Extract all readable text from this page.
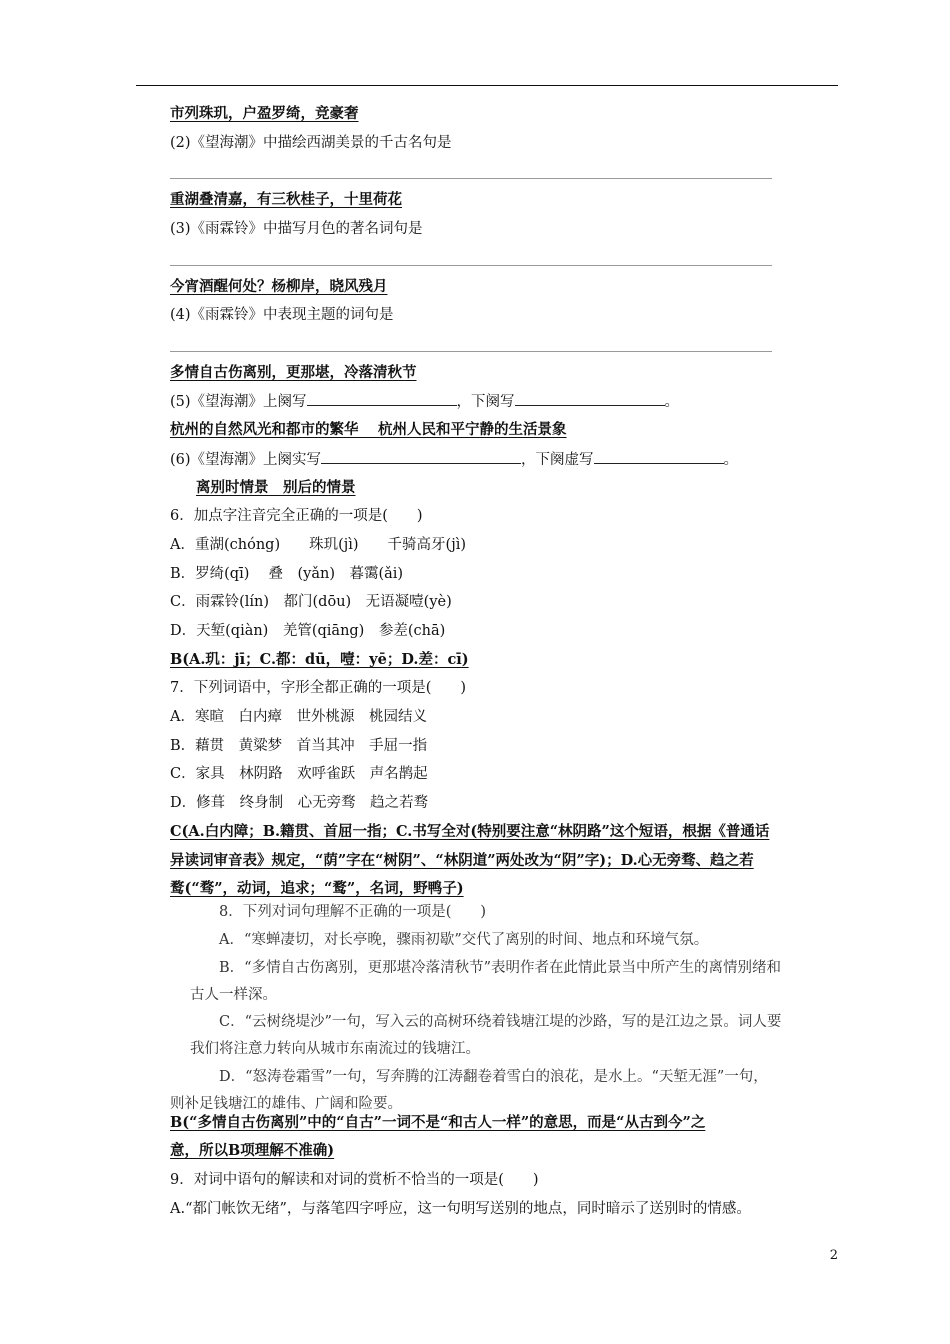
市列珠玑，户盈罗绮，竞豪奢
(2)《望海潮》中描绘西湖美景的千古名句是
重湖叠清嘉，有三秋桂子，十里荷花
(3)《雨霖铃》中描写月色的著名词句是
今宵酒醒何处？杨柳岸，晓风残月
(4)《雨霖铃》中表现主题的词句是
多情自古伤离别，更那堪，冷落清秋节
(5)《望海潮》上阕写	，下阕写	。
杭州的自然风光和都市的繁华　 杭州人民和平宁静的生活景象
(6)《望海潮》上阕实写	，下阕虚写	。
离别时情景　别后的情景
6．加点字注音完全正确的一项是(　　)
A．重湖(chóng)　　珠玑(jì)　　千骑高牙(jì)
B．罗绮(qī)　 叠　(yǎn)　暮霭(ǎi)
C．雨霖铃(lín)　都门(dōu)　无语凝噎(yè)
D．天堑(qiàn)　羌管(qiāng)　参差(chā)
B(A.玑：jī；C.都：dū，噎：yē；D.差：cī)
7．下列词语中，字形全都正确的一项是(　　)
A．寒暄　白内瘴　世外桃源　桃园结义
B．藉贯　黄粱梦　首当其冲　手屈一指
C．家具　林阴路　欢呼雀跃　声名鹊起
D．修葺　终身制　心无旁骛　趋之若骛
C(A.白内障；B.籍贯、首屈一指；C.书写全对(特别要注意“林阴路”这个短语，根据《普通话
异读词审音表》规定，“荫”字在“树阴”、“林阴道”两处改为“阴”字)；D.心无旁骛、趋之若
鹜(“骛”，动词，追求；“鹜”，名词，野鸭子)
8．下列对词句理解不正确的一项是(　　)
A．“寒蝉凄切，对长亭晚，骤雨初歇”交代了离别的时间、地点和环境气氛。
B．“多情自古伤离别，更那堪冷落清秋节”表明作者在此情此景当中所产生的离情别绪和
古人一样深。
C．“云树绕堤沙”一句，写入云的高树环绕着钱塘江堤的沙路，写的是江边之景。词人要
我们将注意力转向从城市东南流过的钱塘江。
D．“怒涛卷霜雪”一句，写奔腾的江涛翻卷着雪白的浪花，是水上。“天堑无涯”一句，
则补足钱塘江的雄伟、广阔和险要。
B(“多情自古伤离别”中的“自古”一词不是“和古人一样”的意思，而是“从古到今”之
意，所以B项理解不准确)
9．对词中语句的解读和对词的赏析不恰当的一项是(　　)
A.“都门帐饮无绪”，与落笔四字呼应，这一句明写送别的地点，同时暗示了送别时的情感。
2
